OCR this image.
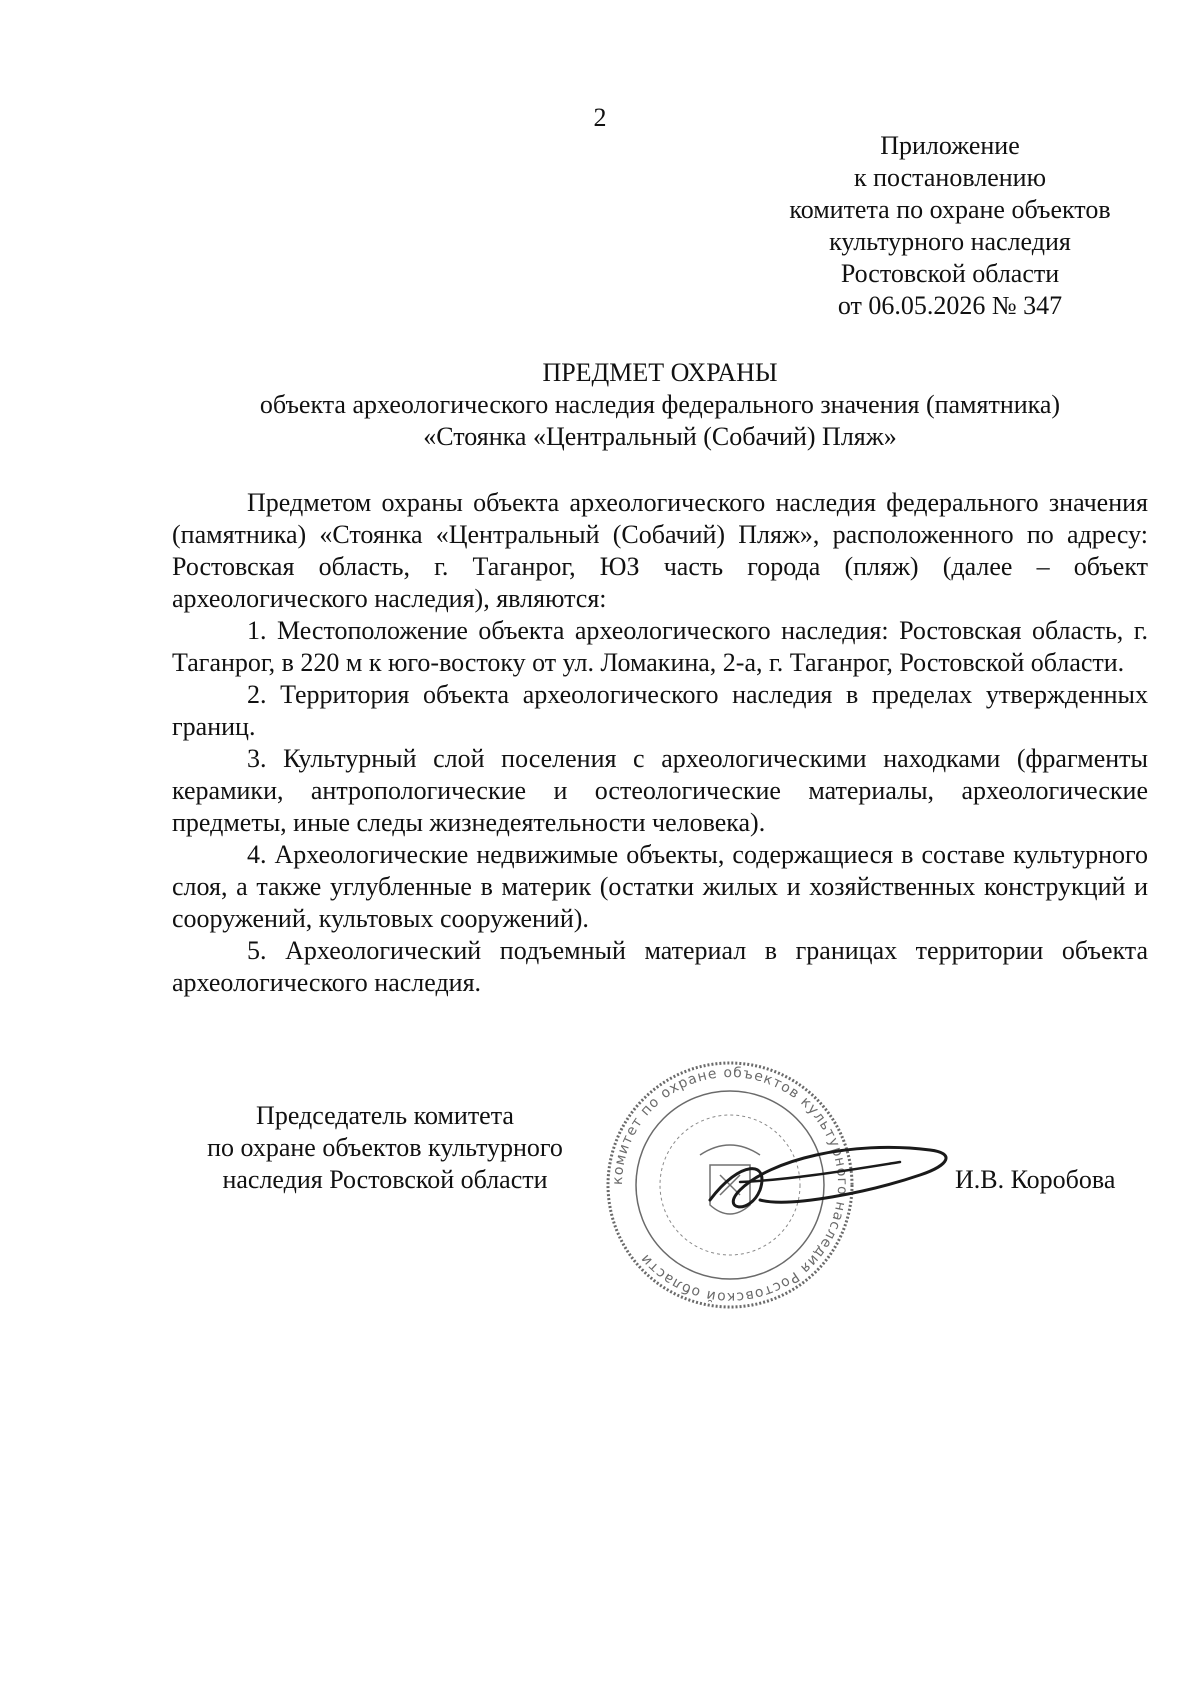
2
Приложение
к постановлению
комитета по охране объектов
культурного наследия
Ростовской области
от 06.05.2026 № 347
ПРЕДМЕТ ОХРАНЫ
объекта археологического наследия федерального значения (памятника)
«Стоянка «Центральный (Собачий) Пляж»

Предметом охраны объекта археологического наследия федерального значения (памятника) «Стоянка «Центральный (Собачий) Пляж», расположенного по адресу: Ростовская область, г. Таганрог, ЮЗ часть города (пляж) (далее – объект археологического наследия), являются:

1. Местоположение объекта археологического наследия: Ростовская область, г. Таганрог, в 220 м к юго-востоку от ул. Ломакина, 2-а, г. Таганрог, Ростовской области.

2. Территория объекта археологического наследия в пределах утвержденных границ.

3. Культурный слой поселения с археологическими находками (фрагменты керамики, антропологические и остеологические материалы, археологические предметы, иные следы жизнедеятельности человека).

4. Археологические недвижимые объекты, содержащиеся в составе культурного слоя, а также углубленные в материк (остатки жилых и хозяйственных конструкций и сооружений, культовых сооружений).

5. Археологический подъемный материал в границах территории объекта археологического наследия.

Председатель комитета
по охране объектов культурного
наследия Ростовской области	комитет по охране объектов культурного наследия Ростовской области
И.В. Коробова
